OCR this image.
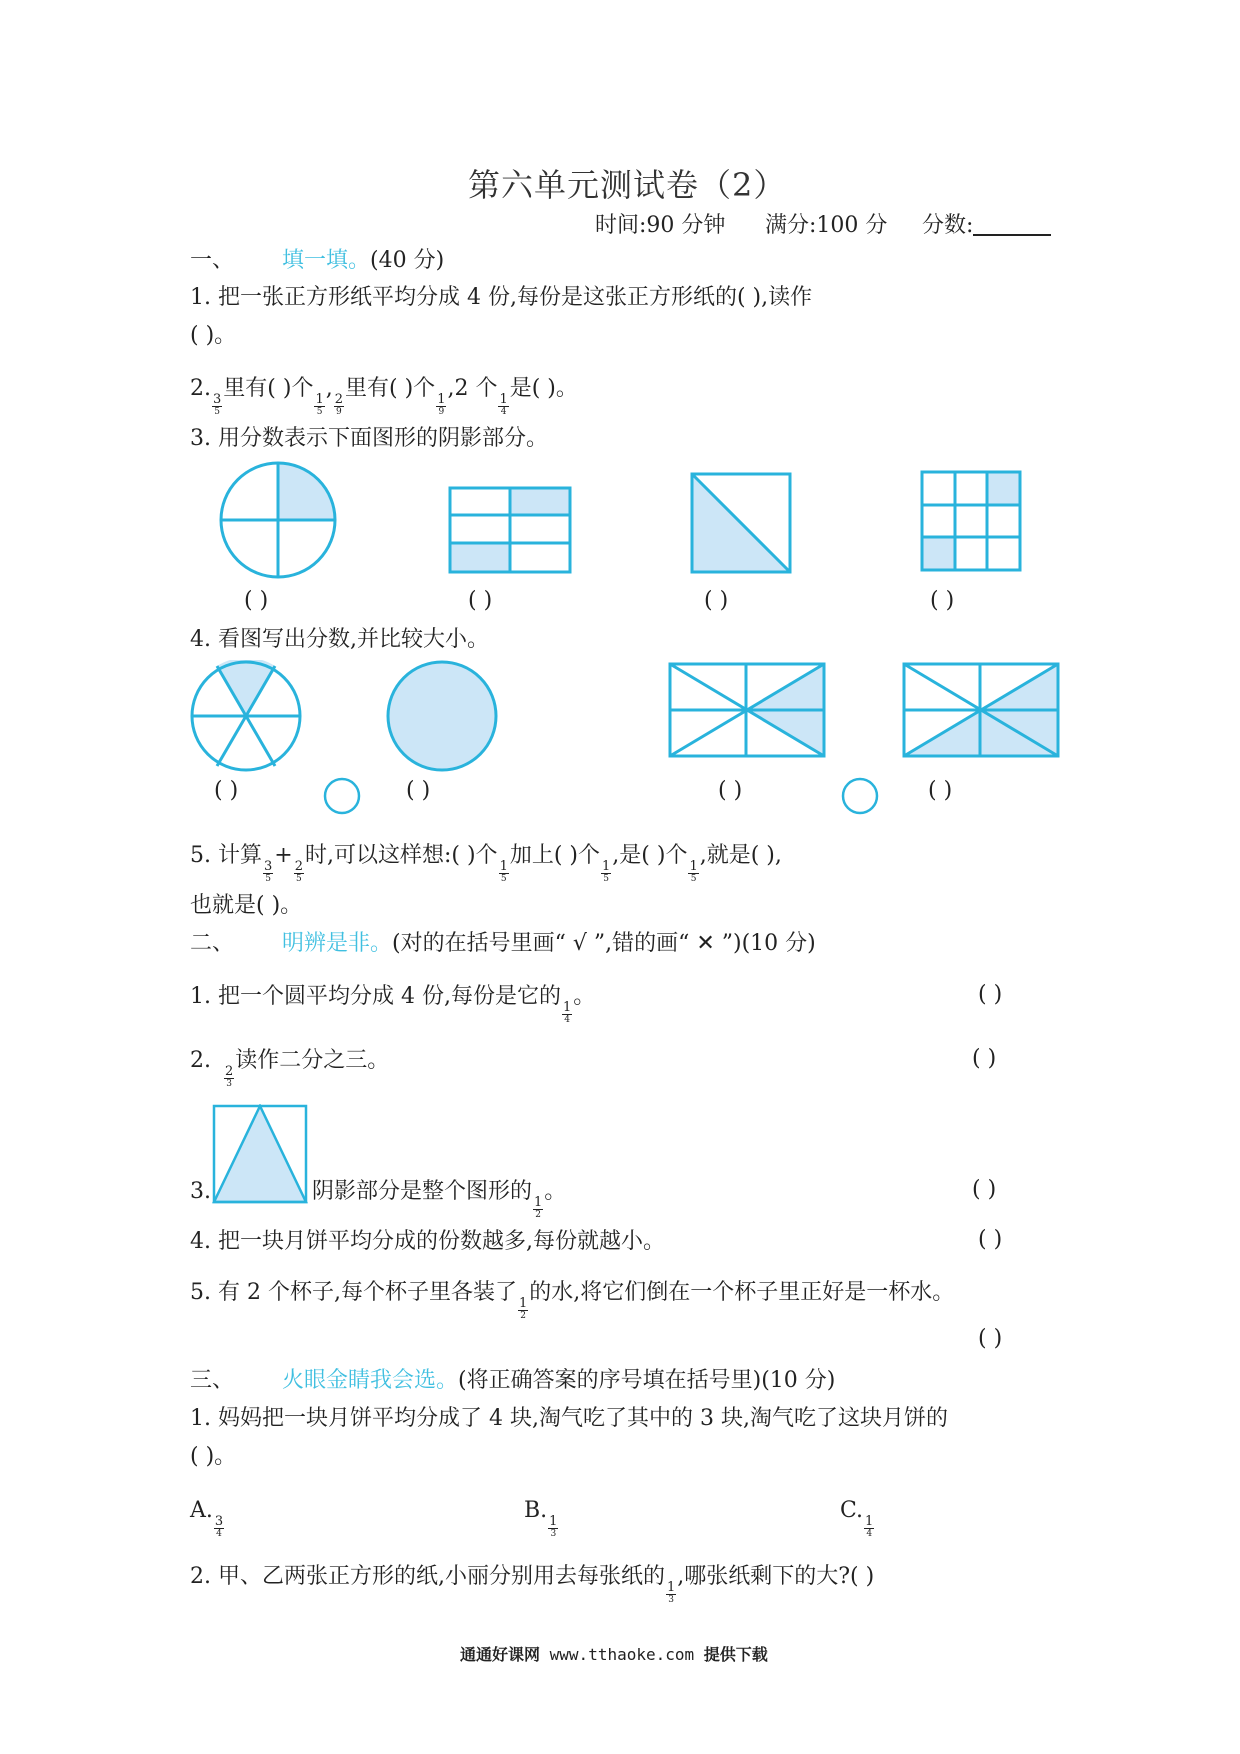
第六单元测试卷（2）
时间:90 分钟 满分:100 分 分数:
一、 填一填。(40 分)
1. 把一张正方形纸平均分成 4 份,每份是这张正方形纸的( ),读作
( )。
2.
$\frac{3}{5}$
里有( )个
$\frac{1}{5}$
,
$\frac{2}{9}$
里有( )个
$\frac{1}{9}$
,2 个
$\frac{1}{4}$
是( )。
3. 用分数表示下面图形的阴影部分。
( )	( )	( )	( )
4. 看图写出分数,并比较大小。
( )	( )	( )	( )
5. 计算
$\frac{3}{5}$
+
$\frac{2}{5}$
时,可以这样想:( )个
$\frac{1}{5}$
加上( )个
$\frac{1}{5}$
,是( )个
$\frac{1}{5}$
,就是( ),
也就是( )。
二、 明辨是非。(对的在括号里画“ √ ”,错的画“ ✕ ”)(10 分)
1. 把一个圆平均分成 4 份,每份是它的
$\frac{1}{4}$
。	( )
2.
$\frac{2}{3}$
读作二分之三。	( )
3.	阴影部分是整个图形的
$\frac{1}{2}$
。	( )
4. 把一块月饼平均分成的份数越多,每份就越小。	( )
5. 有 2 个杯子,每个杯子里各装了
$\frac{1}{2}$
的水,将它们倒在一个杯子里正好是一杯水。
( )
三、 火眼金睛我会选。(将正确答案的序号填在括号里)(10 分)
1. 妈妈把一块月饼平均分成了 4 块,淘气吃了其中的 3 块,淘气吃了这块月饼的
( )。
A.
$\frac{3}{4}$
B.
$\frac{1}{3}$
C.
$\frac{1}{4}$
2. 甲、乙两张正方形的纸,小丽分别用去每张纸的
$\frac{1}{3}$
,哪张纸剩下的大?( )
通通好课网 www.tthaoke.com 提供下载
